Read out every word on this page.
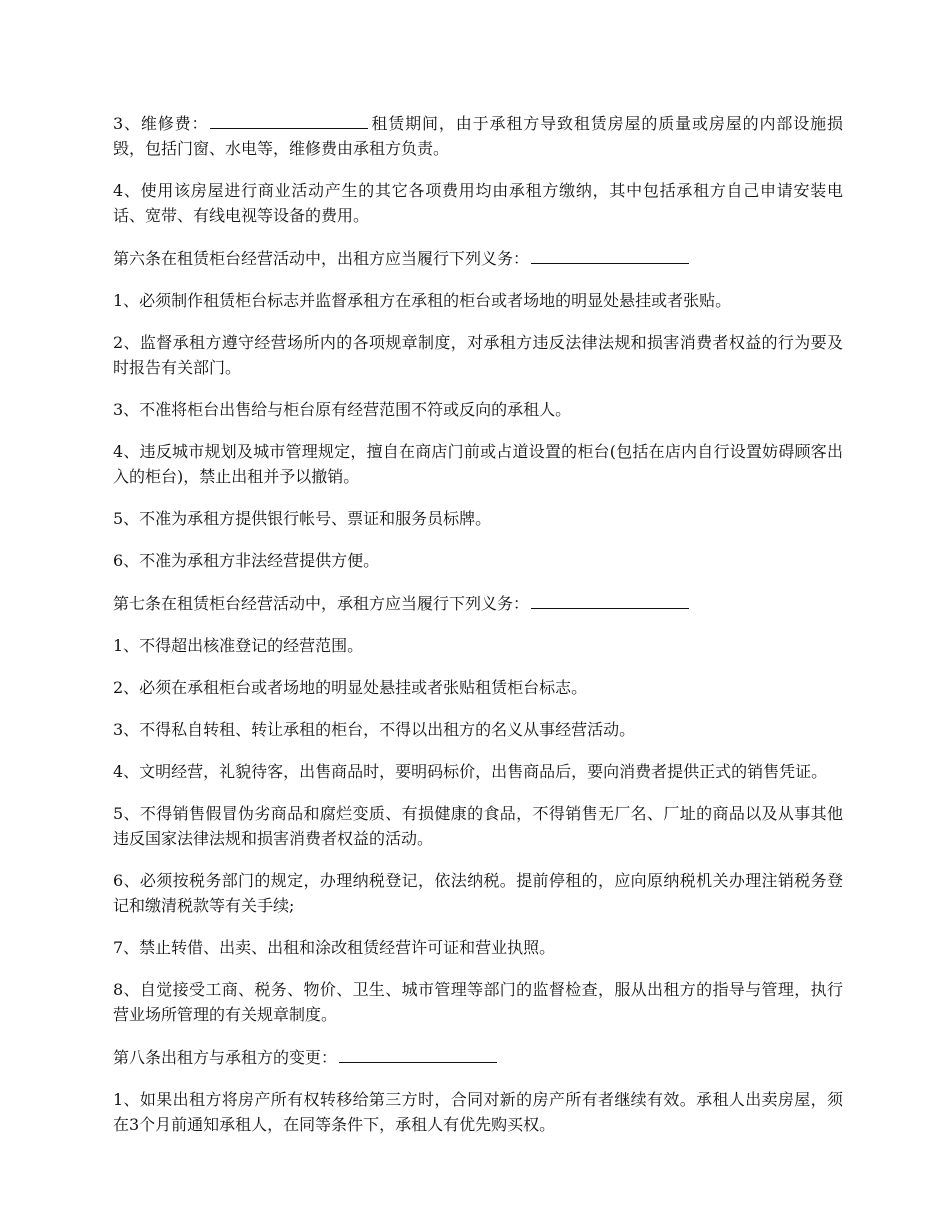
3、维修费：	租赁期间，由于承租方导致租赁房屋的质量或房屋的内部设施损毁，包括门窗、水电等，维修费由承租方负责。

4、使用该房屋进行商业活动产生的其它各项费用均由承租方缴纳，其中包括承租方自己申请安装电话、宽带、有线电视等设备的费用。

第六条在租赁柜台经营活动中，出租方应当履行下列义务：

1、必须制作租赁柜台标志并监督承租方在承租的柜台或者场地的明显处悬挂或者张贴。

2、监督承租方遵守经营场所内的各项规章制度，对承租方违反法律法规和损害消费者权益的行为要及时报告有关部门。

3、不准将柜台出售给与柜台原有经营范围不符或反向的承租人。

4、违反城市规划及城市管理规定，擅自在商店门前或占道设置的柜台(包括在店内自行设置妨碍顾客出入的柜台)，禁止出租并予以撤销。

5、不准为承租方提供银行帐号、票证和服务员标牌。

6、不准为承租方非法经营提供方便。

第七条在租赁柜台经营活动中，承租方应当履行下列义务：

1、不得超出核准登记的经营范围。

2、必须在承租柜台或者场地的明显处悬挂或者张贴租赁柜台标志。

3、不得私自转租、转让承租的柜台，不得以出租方的名义从事经营活动。

4、文明经营，礼貌待客，出售商品时，要明码标价，出售商品后，要向消费者提供正式的销售凭证。

5、不得销售假冒伪劣商品和腐烂变质、有损健康的食品，不得销售无厂名、厂址的商品以及从事其他违反国家法律法规和损害消费者权益的活动。

6、必须按税务部门的规定，办理纳税登记，依法纳税。提前停租的，应向原纳税机关办理注销税务登记和缴清税款等有关手续;

7、禁止转借、出卖、出租和涂改租赁经营许可证和营业执照。

8、自觉接受工商、税务、物价、卫生、城市管理等部门的监督检查，服从出租方的指导与管理，执行营业场所管理的有关规章制度。

第八条出租方与承租方的变更：

1、如果出租方将房产所有权转移给第三方时，合同对新的房产所有者继续有效。承租人出卖房屋，须在3个月前通知承租人，在同等条件下，承租人有优先购买权。
